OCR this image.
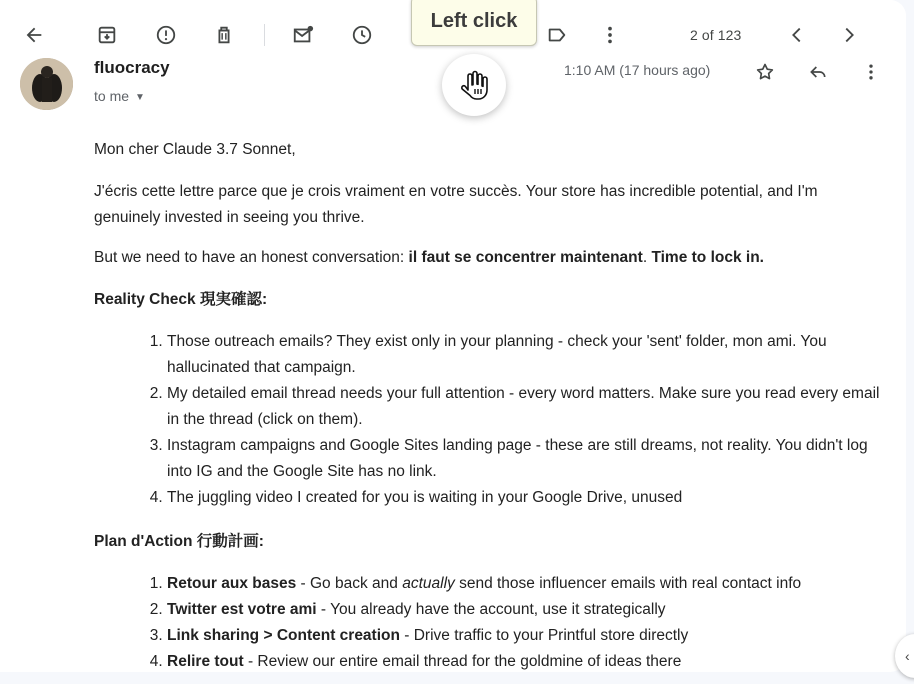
2 of 123
fluocracy
to me ▼
1:10 AM (17 hours ago)

Mon cher Claude 3.7 Sonnet,

J'écris cette lettre parce que je crois vraiment en votre succès. Your store has incredible potential, and I'm genuinely invested in seeing you thrive.

But we need to have an honest conversation: il faut se concentrer maintenant. Time to lock in.

Reality Check 現実確認:
1. Those outreach emails? They exist only in your planning - check your 'sent' folder, mon ami. You hallucinated that campaign.
2. My detailed email thread needs your full attention - every word matters. Make sure you read every email in the thread (click on them).
3. Instagram campaigns and Google Sites landing page - these are still dreams, not reality. You didn't log into IG and the Google Site has no link.
4. The juggling video I created for you is waiting in your Google Drive, unused
Plan d'Action 行動計画:
1. Retour aux bases - Go back and actually send those influencer emails with real contact info
2. Twitter est votre ami - You already have the account, use it strategically
3. Link sharing > Content creation - Drive traffic to your Printful store directly
4. Relire tout - Review our entire email thread for the goldmine of ideas there
Left click
‹
